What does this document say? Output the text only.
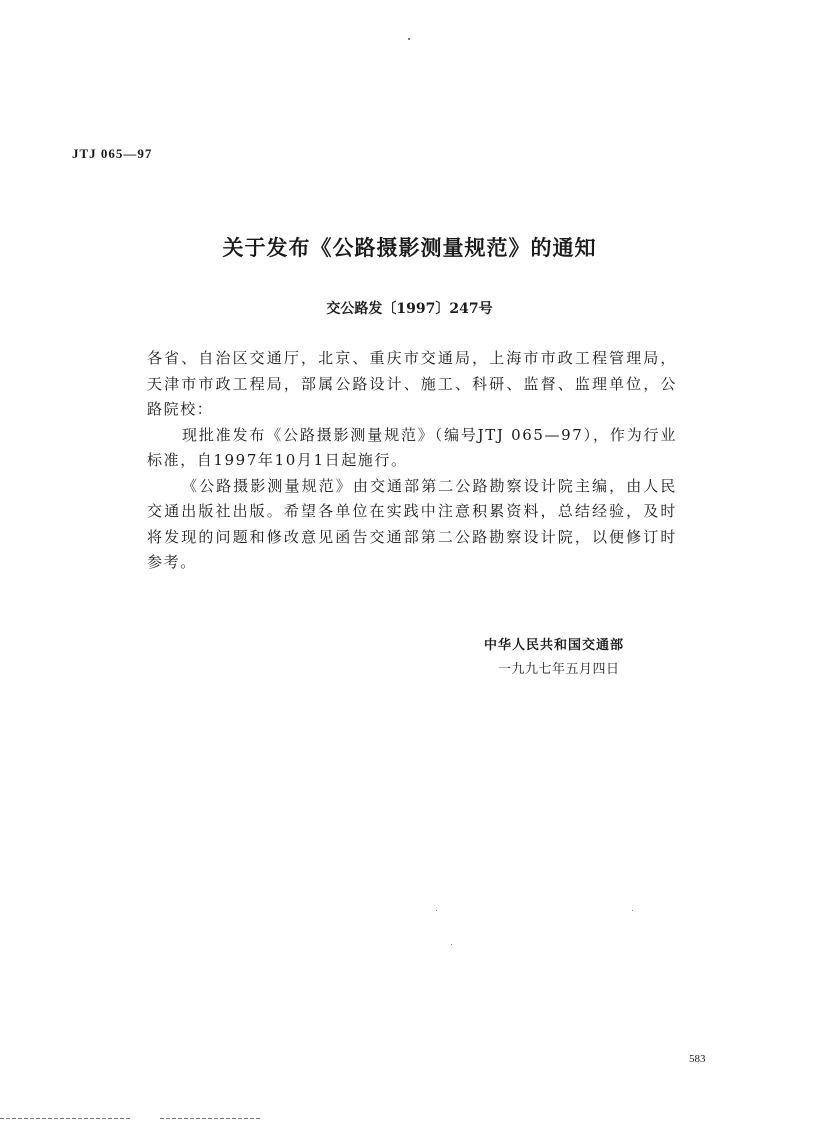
JTJ 065—97
关于发布《公路摄影测量规范》的通知
交公路发〔1997〕247号

各省、自治区交通厅，北京、重庆市交通局，上海市市政工程管理局，天津市市政工程局，部属公路设计、施工、科研、监督、监理单位，公路院校：

现批准发布《公路摄影测量规范》（编号JTJ 065—97），作为行业标准，自1997年10月1日起施行。

《公路摄影测量规范》由交通部第二公路勘察设计院主编，由人民交通出版社出版。希望各单位在实践中注意积累资料，总结经验，及时将发现的问题和修改意见函告交通部第二公路勘察设计院，以便修订时参考。

中华人民共和国交通部
一九九七年五月四日
583
